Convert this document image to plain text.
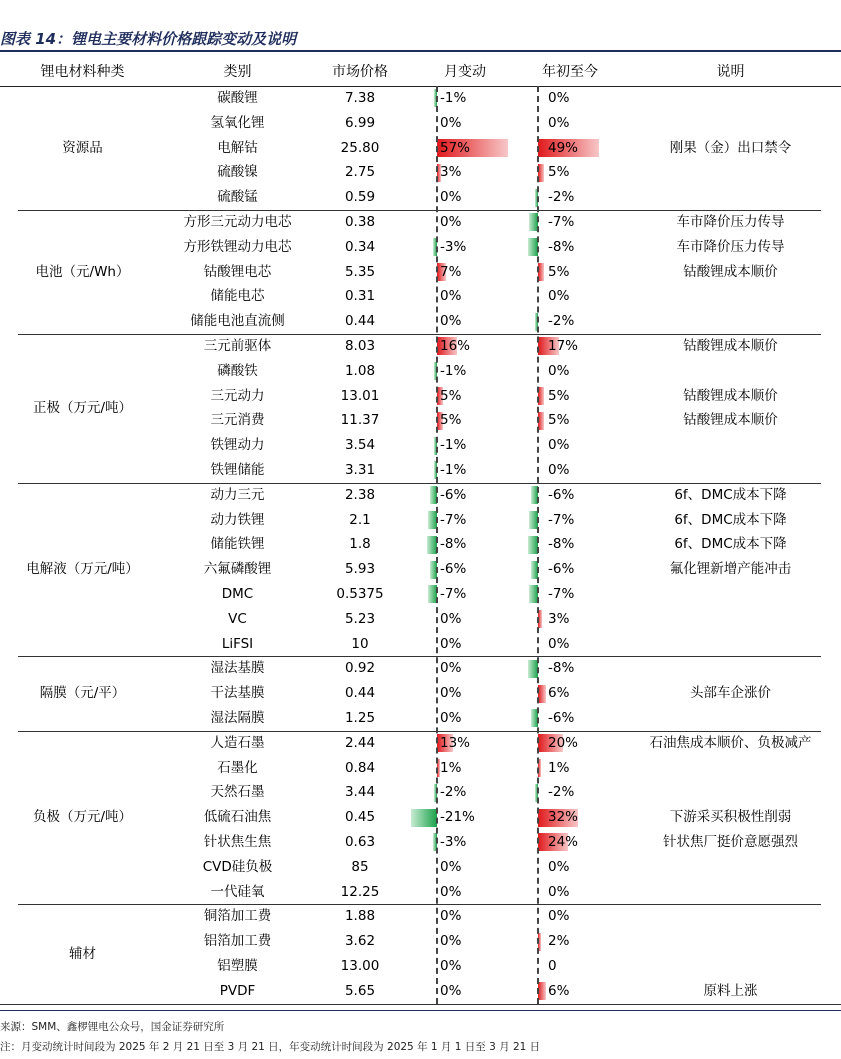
图表 14：锂电主要材料价格跟踪变动及说明
锂电材料种类	类别	市场价格	月变动	年初至今	说明
资源品
碳酸锂	7.38	-1%	0%
氢氧化锂	6.99	0%	0%
电解钴	25.80	57%	49%	刚果（金）出口禁令
硫酸镍	2.75	3%	5%
硫酸锰	0.59	0%	-2%
电池（元/Wh）
方形三元动力电芯	0.38	0%	-7%	车市降价压力传导
方形铁锂动力电芯	0.34	-3%	-8%	车市降价压力传导
钴酸锂电芯	5.35	7%	5%	钴酸锂成本顺价
储能电芯	0.31	0%	0%
储能电池直流侧	0.44	0%	-2%
正极（万元/吨）
三元前驱体	8.03	16%	17%	钴酸锂成本顺价
磷酸铁	1.08	-1%	0%
三元动力	13.01	5%	5%	钴酸锂成本顺价
三元消费	11.37	5%	5%	钴酸锂成本顺价
铁锂动力	3.54	-1%	0%
铁锂储能	3.31	-1%	0%
电解液（万元/吨）
动力三元	2.38	-6%	-6%	6f、DMC成本下降
动力铁锂	2.1	-7%	-7%	6f、DMC成本下降
储能铁锂	1.8	-8%	-8%	6f、DMC成本下降
六氟磷酸锂	5.93	-6%	-6%	氟化锂新增产能冲击
DMC	0.5375	-7%	-7%
VC	5.23	0%	3%
LiFSI	10	0%	0%
隔膜（元/平）
湿法基膜	0.92	0%	-8%
干法基膜	0.44	0%	6%	头部车企涨价
湿法隔膜	1.25	0%	-6%
负极（万元/吨）
人造石墨	2.44	13%	20%	石油焦成本顺价、负极减产
石墨化	0.84	1%	1%
天然石墨	3.44	-2%	-2%
低硫石油焦	0.45	-21%	32%	下游采买积极性削弱
针状焦生焦	0.63	-3%	24%	针状焦厂挺价意愿强烈
CVD硅负极	85	0%	0%
一代硅氧	12.25	0%	0%
辅材
铜箔加工费	1.88	0%	0%
铝箔加工费	3.62	0%	2%
铝塑膜	13.00	0%	0
PVDF	5.65	0%	6%	原料上涨
来源：SMM、鑫椤锂电公众号，国金证券研究所
注：月变动统计时间段为 2025 年 2 月 21 日至 3 月 21 日，年变动统计时间段为 2025 年 1 月 1 日至 3 月 21 日
